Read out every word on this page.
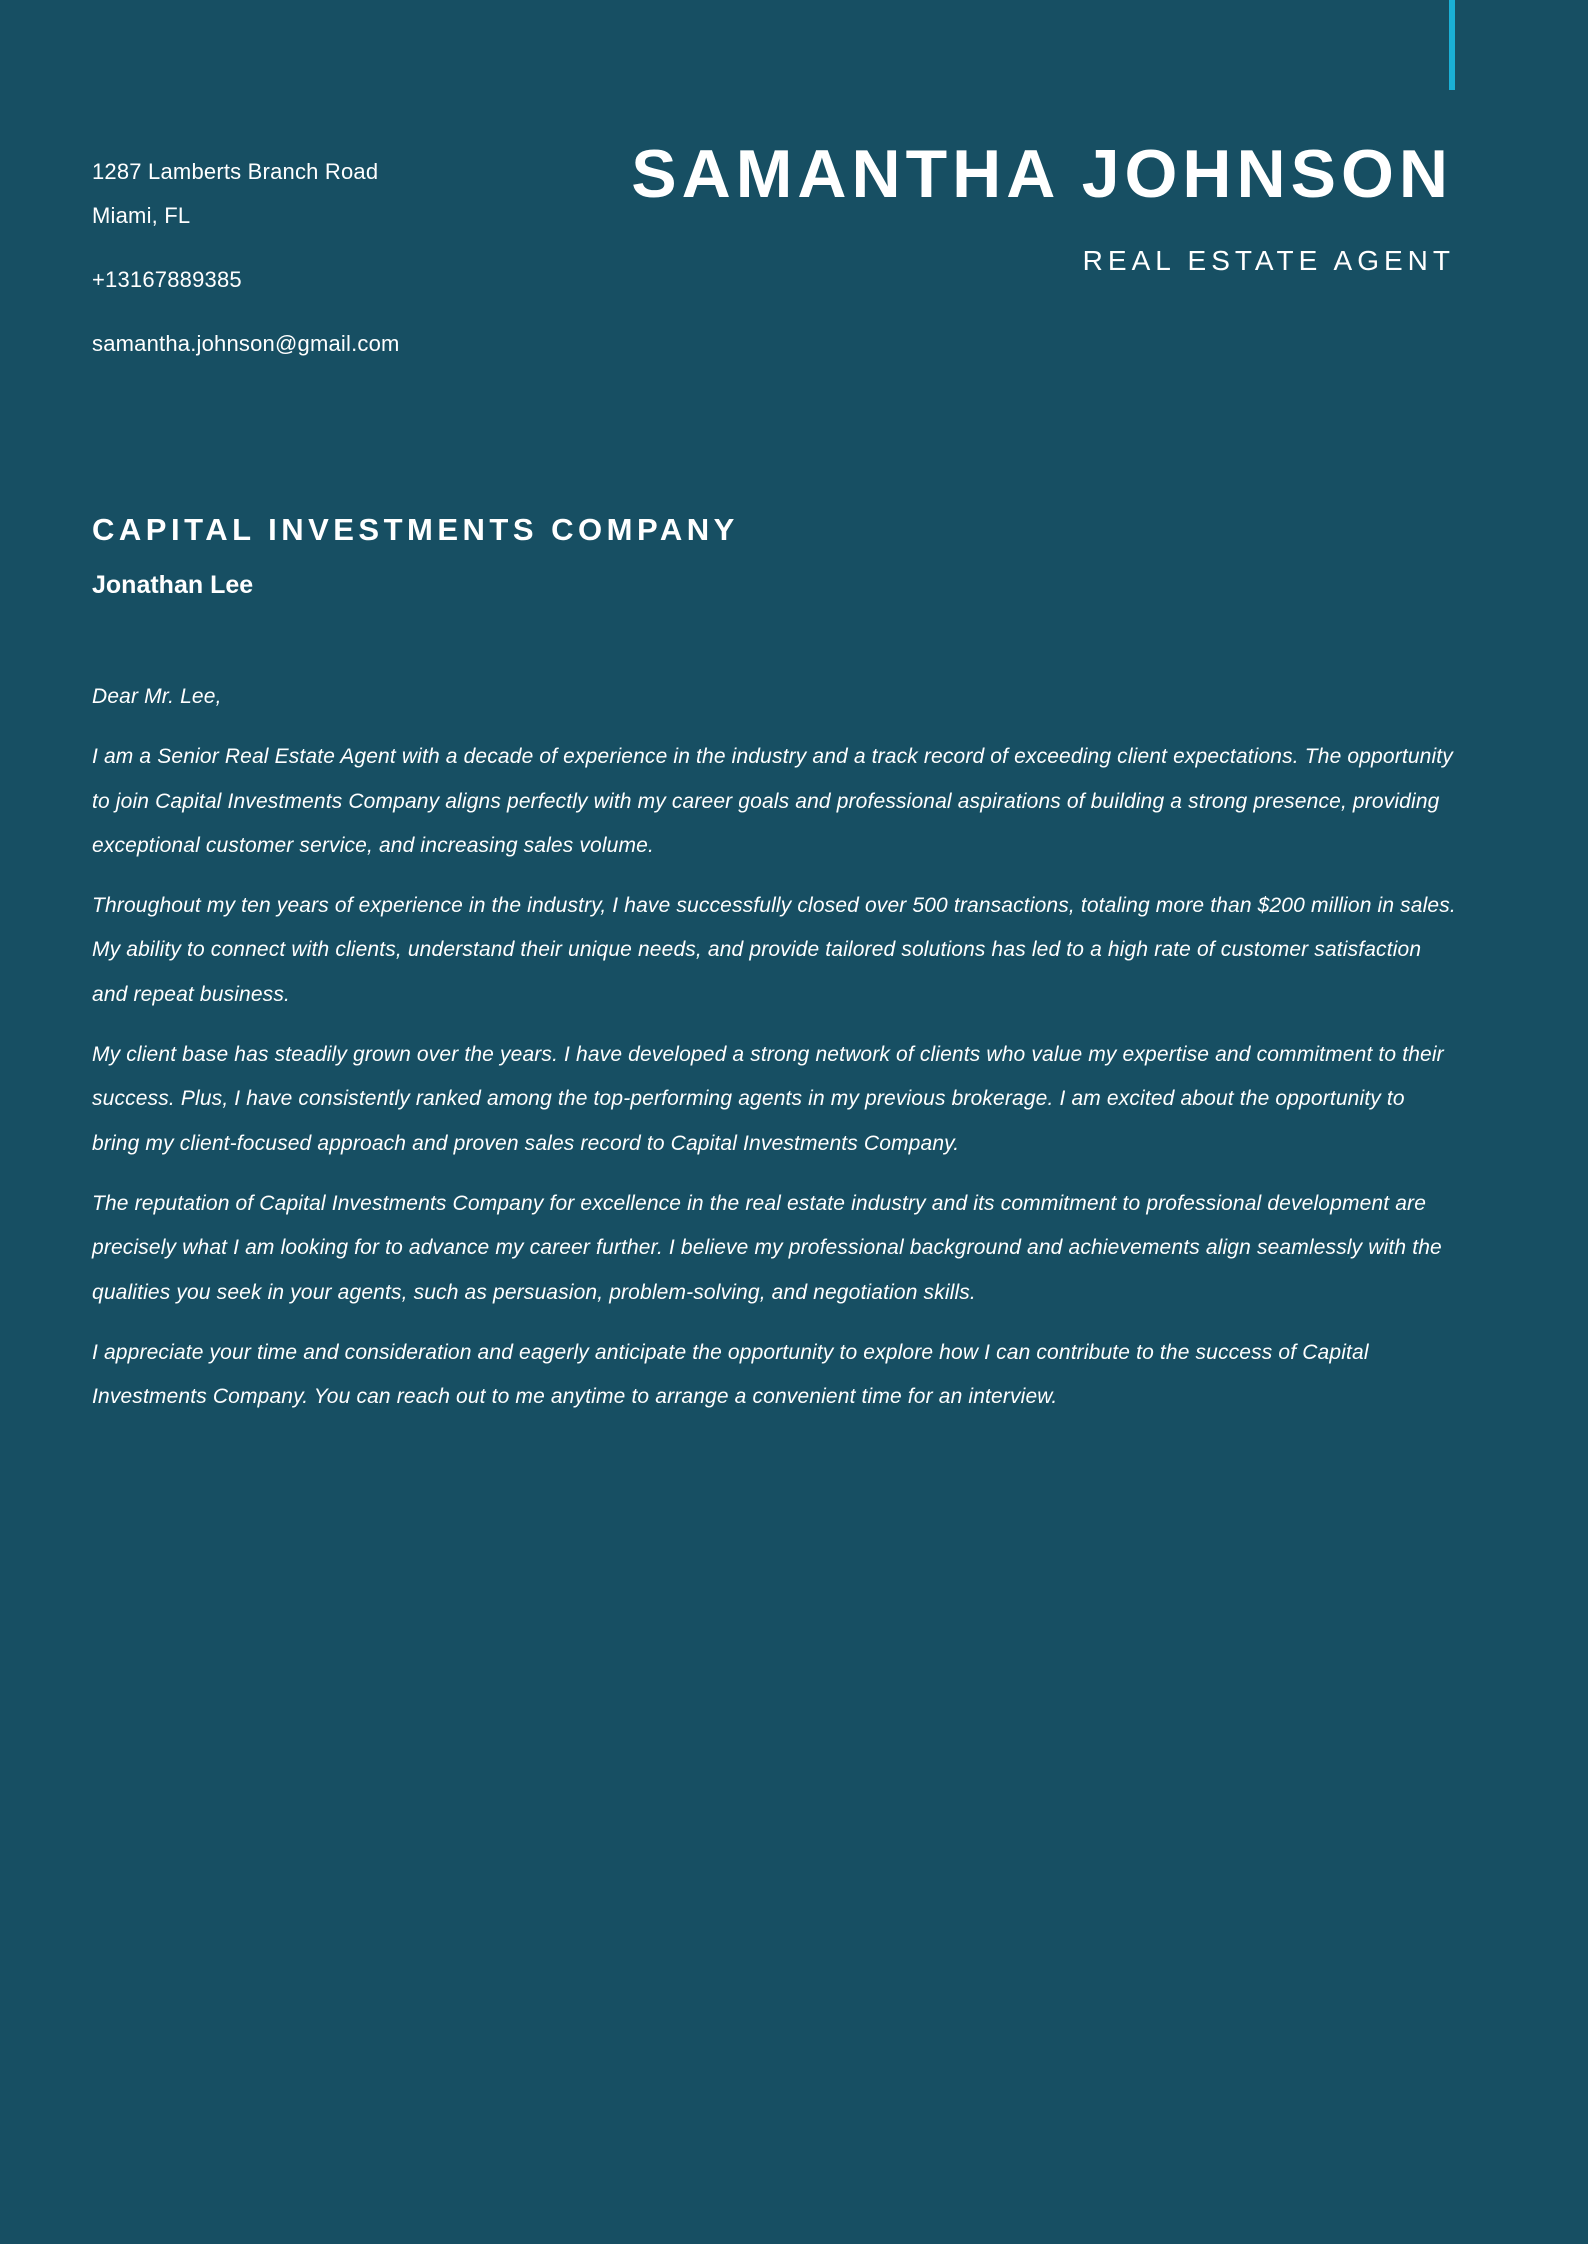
1287 Lamberts Branch Road
Miami, FL
+13167889385
samantha.johnson@gmail.com
SAMANTHA JOHNSON
REAL ESTATE AGENT
CAPITAL INVESTMENTS COMPANY
Jonathan Lee

Dear Mr. Lee,

I am a Senior Real Estate Agent with a decade of experience in the industry and a track record of exceeding client expectations. The opportunity to join Capital Investments Company aligns perfectly with my career goals and professional aspirations of building a strong presence, providing exceptional customer service, and increasing sales volume.

Throughout my ten years of experience in the industry, I have successfully closed over 500 transactions, totaling more than $200 million in sales. My ability to connect with clients, understand their unique needs, and provide tailored solutions has led to a high rate of customer satisfaction and repeat business.

My client base has steadily grown over the years. I have developed a strong network of clients who value my expertise and commitment to their success. Plus, I have consistently ranked among the top-performing agents in my previous brokerage. I am excited about the opportunity to bring my client-focused approach and proven sales record to Capital Investments Company.

The reputation of Capital Investments Company for excellence in the real estate industry and its commitment to professional development are precisely what I am looking for to advance my career further. I believe my professional background and achievements align seamlessly with the qualities you seek in your agents, such as persuasion, problem-solving, and negotiation skills.

I appreciate your time and consideration and eagerly anticipate the opportunity to explore how I can contribute to the success of Capital Investments Company. You can reach out to me anytime to arrange a convenient time for an interview.
